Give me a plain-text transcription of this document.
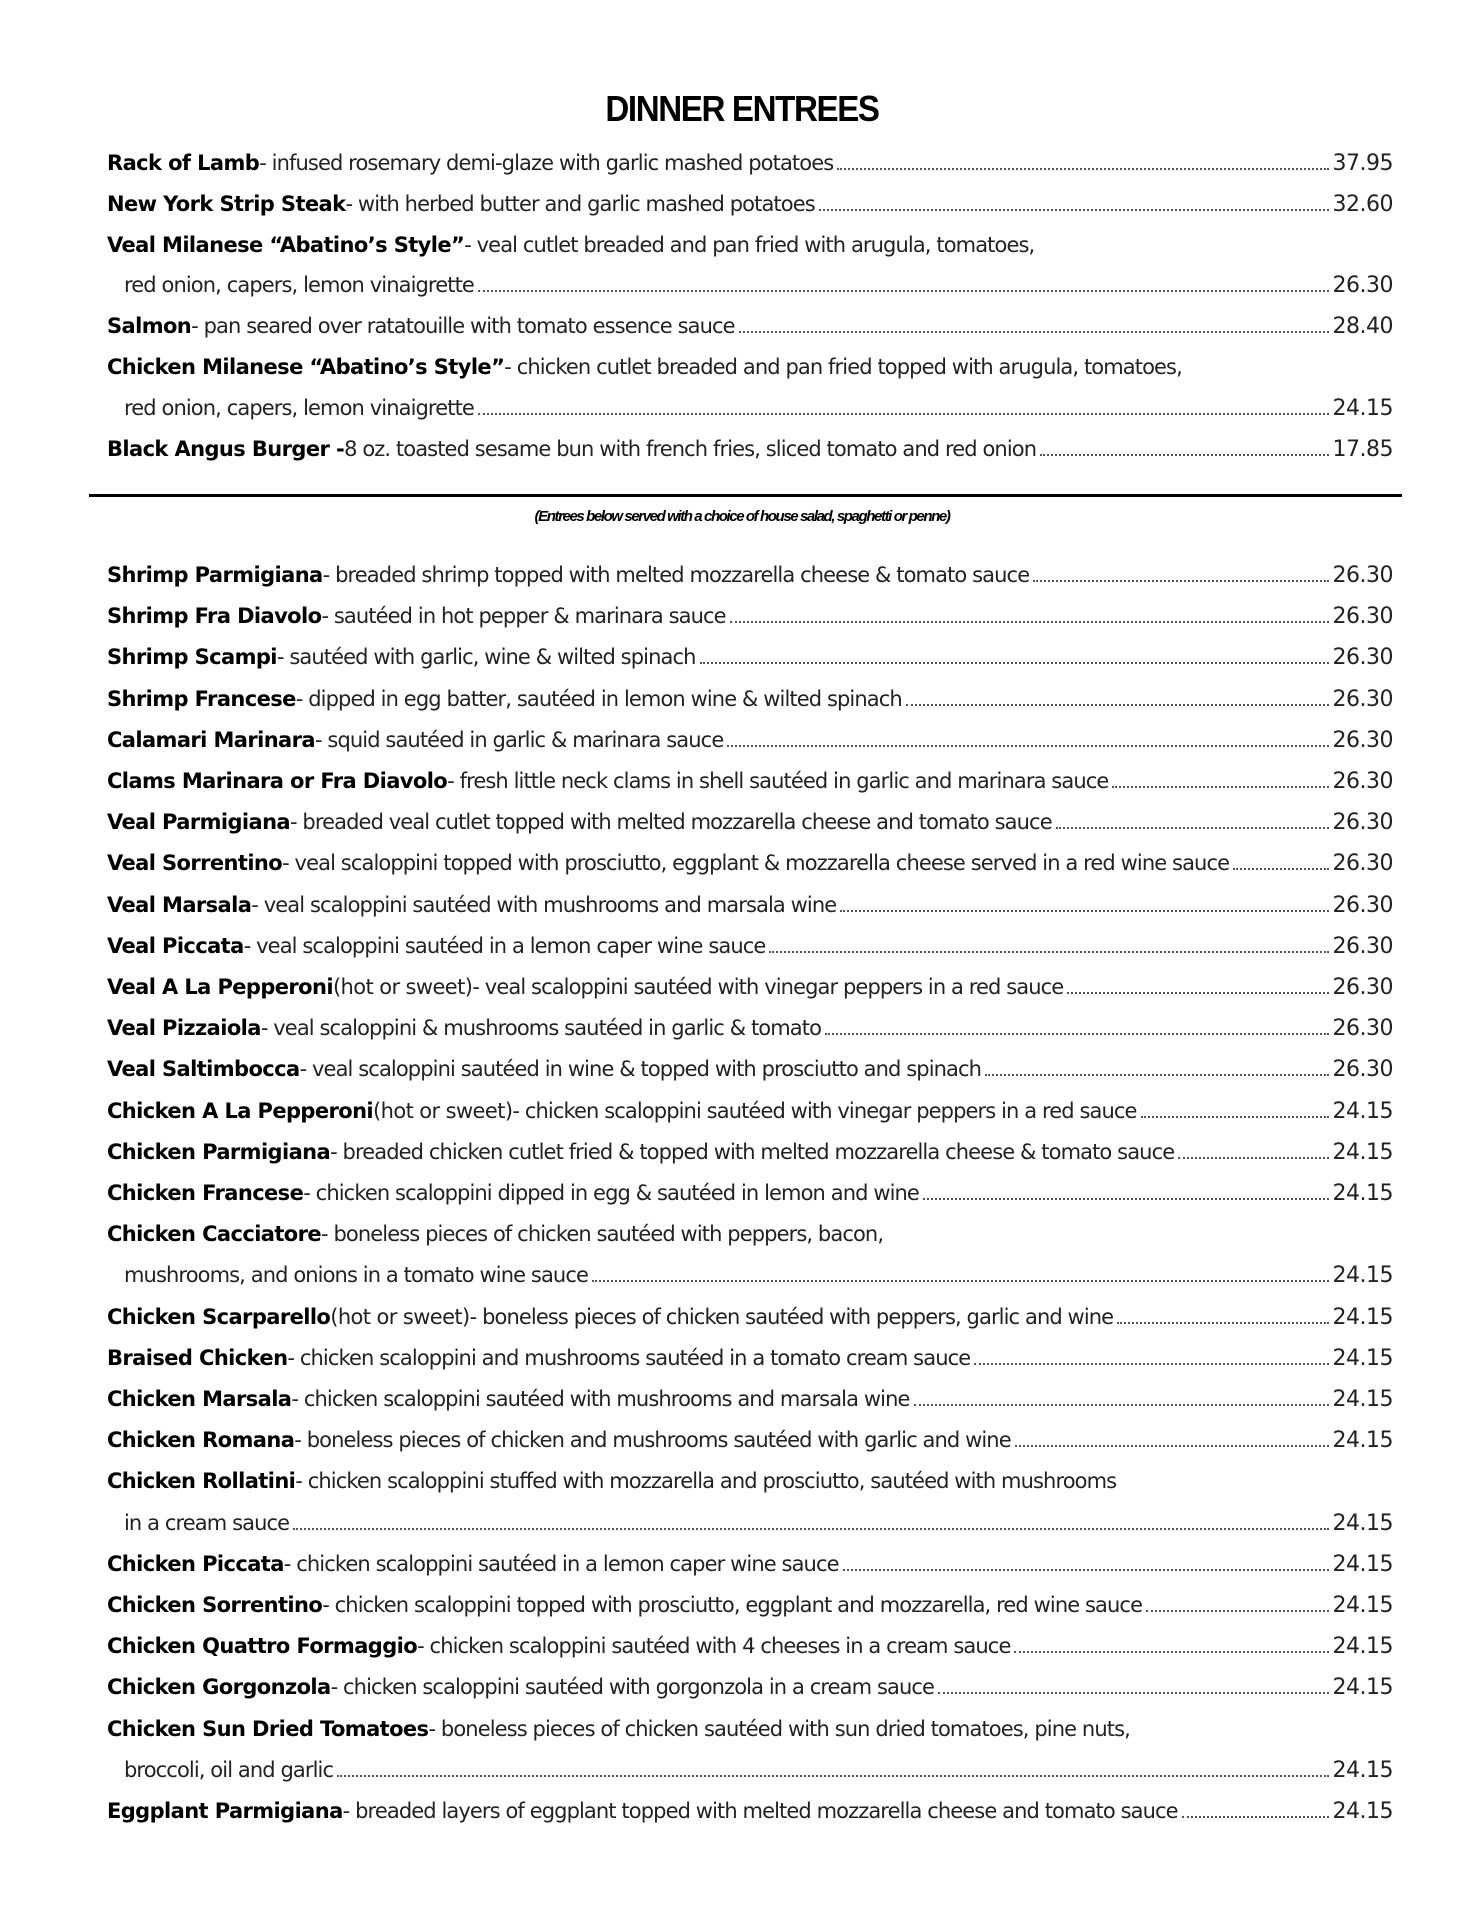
DINNER ENTREES
Rack of Lamb - infused rosemary demi-glaze with garlic mashed potatoes	37.95
New York Strip Steak - with herbed butter and garlic mashed potatoes	32.60
Veal Milanese “Abatino’s Style” - veal cutlet breaded and pan fried with arugula, tomatoes,
red onion, capers, lemon vinaigrette	26.30
Salmon - pan seared over ratatouille with tomato essence sauce	28.40
Chicken Milanese “Abatino’s Style” - chicken cutlet breaded and pan fried topped with arugula, tomatoes,
red onion, capers, lemon vinaigrette	24.15
Black Angus Burger - 8 oz. toasted sesame bun with french fries, sliced tomato and red onion	17.85
(Entrees below served with a choice of house salad, spaghetti or penne)
Shrimp Parmigiana - breaded shrimp topped with melted mozzarella cheese & tomato sauce	26.30
Shrimp Fra Diavolo - sautéed in hot pepper & marinara sauce	26.30
Shrimp Scampi - sautéed with garlic, wine & wilted spinach	26.30
Shrimp Francese - dipped in egg batter, sautéed in lemon wine & wilted spinach	26.30
Calamari Marinara - squid sautéed in garlic & marinara sauce	26.30
Clams Marinara or Fra Diavolo - fresh little neck clams in shell sautéed in garlic and marinara sauce	26.30
Veal Parmigiana - breaded veal cutlet topped with melted mozzarella cheese and tomato sauce	26.30
Veal Sorrentino - veal scaloppini topped with prosciutto, eggplant & mozzarella cheese served in a red wine sauce	26.30
Veal Marsala - veal scaloppini sautéed with mushrooms and marsala wine	26.30
Veal Piccata - veal scaloppini sautéed in a lemon caper wine sauce	26.30
Veal A La Pepperoni (hot or sweet) - veal scaloppini sautéed with vinegar peppers in a red sauce	26.30
Veal Pizzaiola - veal scaloppini & mushrooms sautéed in garlic & tomato	26.30
Veal Saltimbocca - veal scaloppini sautéed in wine & topped with prosciutto and spinach	26.30
Chicken A La Pepperoni (hot or sweet) - chicken scaloppini sautéed with vinegar peppers in a red sauce	24.15
Chicken Parmigiana - breaded chicken cutlet fried & topped with melted mozzarella cheese & tomato sauce	24.15
Chicken Francese - chicken scaloppini dipped in egg & sautéed in lemon and wine	24.15
Chicken Cacciatore - boneless pieces of chicken sautéed with peppers, bacon,
mushrooms, and onions in a tomato wine sauce	24.15
Chicken Scarparello (hot or sweet) - boneless pieces of chicken sautéed with peppers, garlic and wine	24.15
Braised Chicken - chicken scaloppini and mushrooms sautéed in a tomato cream sauce	24.15
Chicken Marsala - chicken scaloppini sautéed with mushrooms and marsala wine	24.15
Chicken Romana - boneless pieces of chicken and mushrooms sautéed with garlic and wine	24.15
Chicken Rollatini - chicken scaloppini stuffed with mozzarella and prosciutto, sautéed with mushrooms
in a cream sauce	24.15
Chicken Piccata - chicken scaloppini sautéed in a lemon caper wine sauce	24.15
Chicken Sorrentino - chicken scaloppini topped with prosciutto, eggplant and mozzarella, red wine sauce	24.15
Chicken Quattro Formaggio - chicken scaloppini sautéed with 4 cheeses in a cream sauce	24.15
Chicken Gorgonzola - chicken scaloppini sautéed with gorgonzola in a cream sauce	24.15
Chicken Sun Dried Tomatoes - boneless pieces of chicken sautéed with sun dried tomatoes, pine nuts,
broccoli, oil and garlic	24.15
Eggplant Parmigiana - breaded layers of eggplant topped with melted mozzarella cheese and tomato sauce	24.15
